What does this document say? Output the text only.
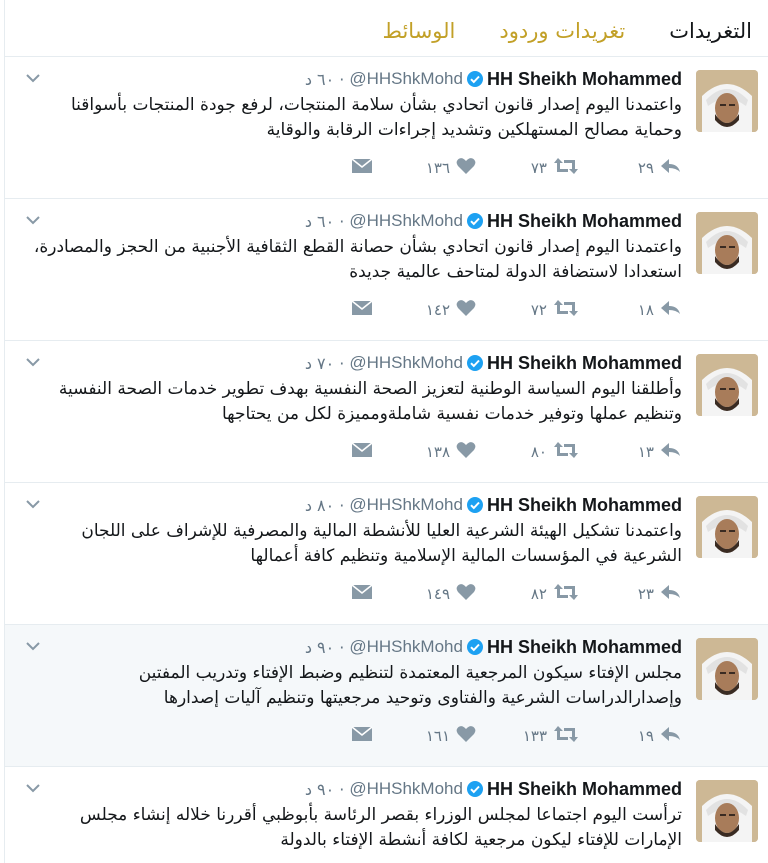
التغريدات
تغريدات وردود
الوسائط
HH Sheikh Mohammed
@HHShkMohd
·
٦٠ د
واعتمدنا اليوم إصدار قانون اتحادي بشأن سلامة المنتجات، لرفع جودة المنتجات بأسواقنا وحماية مصالح المستهلكين وتشديد إجراءات الرقابة والوقاية
٢٩
٧٣
١٣٦
HH Sheikh Mohammed
@HHShkMohd
·
٦٠ د
واعتمدنا اليوم إصدار قانون اتحادي بشأن حصانة القطع الثقافية الأجنبية من الحجز والمصادرة، استعدادا لاستضافة الدولة لمتاحف عالمية جديدة
١٨
٧٢
١٤٢
HH Sheikh Mohammed
@HHShkMohd
·
٧٠ د
وأطلقنا اليوم السياسة الوطنية لتعزيز الصحة النفسية بهدف تطوير خدمات الصحة النفسية وتنظيم عملها وتوفير خدمات نفسية شاملةومميزة لكل من يحتاجها
١٣
٨٠
١٣٨
HH Sheikh Mohammed
@HHShkMohd
·
٨٠ د
واعتمدنا تشكيل الهيئة الشرعية العليا للأنشطة المالية والمصرفية للإشراف على اللجان الشرعية في المؤسسات المالية الإسلامية وتنظيم كافة أعمالها
٢٣
٨٢
١٤٩
HH Sheikh Mohammed
@HHShkMohd
·
٩٠ د
مجلس الإفتاء سيكون المرجعية المعتمدة لتنظيم وضبط الإفتاء وتدريب المفتين وإصدارالدراسات الشرعية والفتاوى وتوحيد مرجعيتها وتنظيم آليات إصدارها
١٩
١٣٣
١٦١
HH Sheikh Mohammed
@HHShkMohd
·
٩٠ د
ترأست اليوم اجتماعا لمجلس الوزراء بقصر الرئاسة بأبوظبي أقررنا خلاله إنشاء مجلس الإمارات للإفتاء ليكون مرجعية لكافة أنشطة الإفتاء بالدولة
